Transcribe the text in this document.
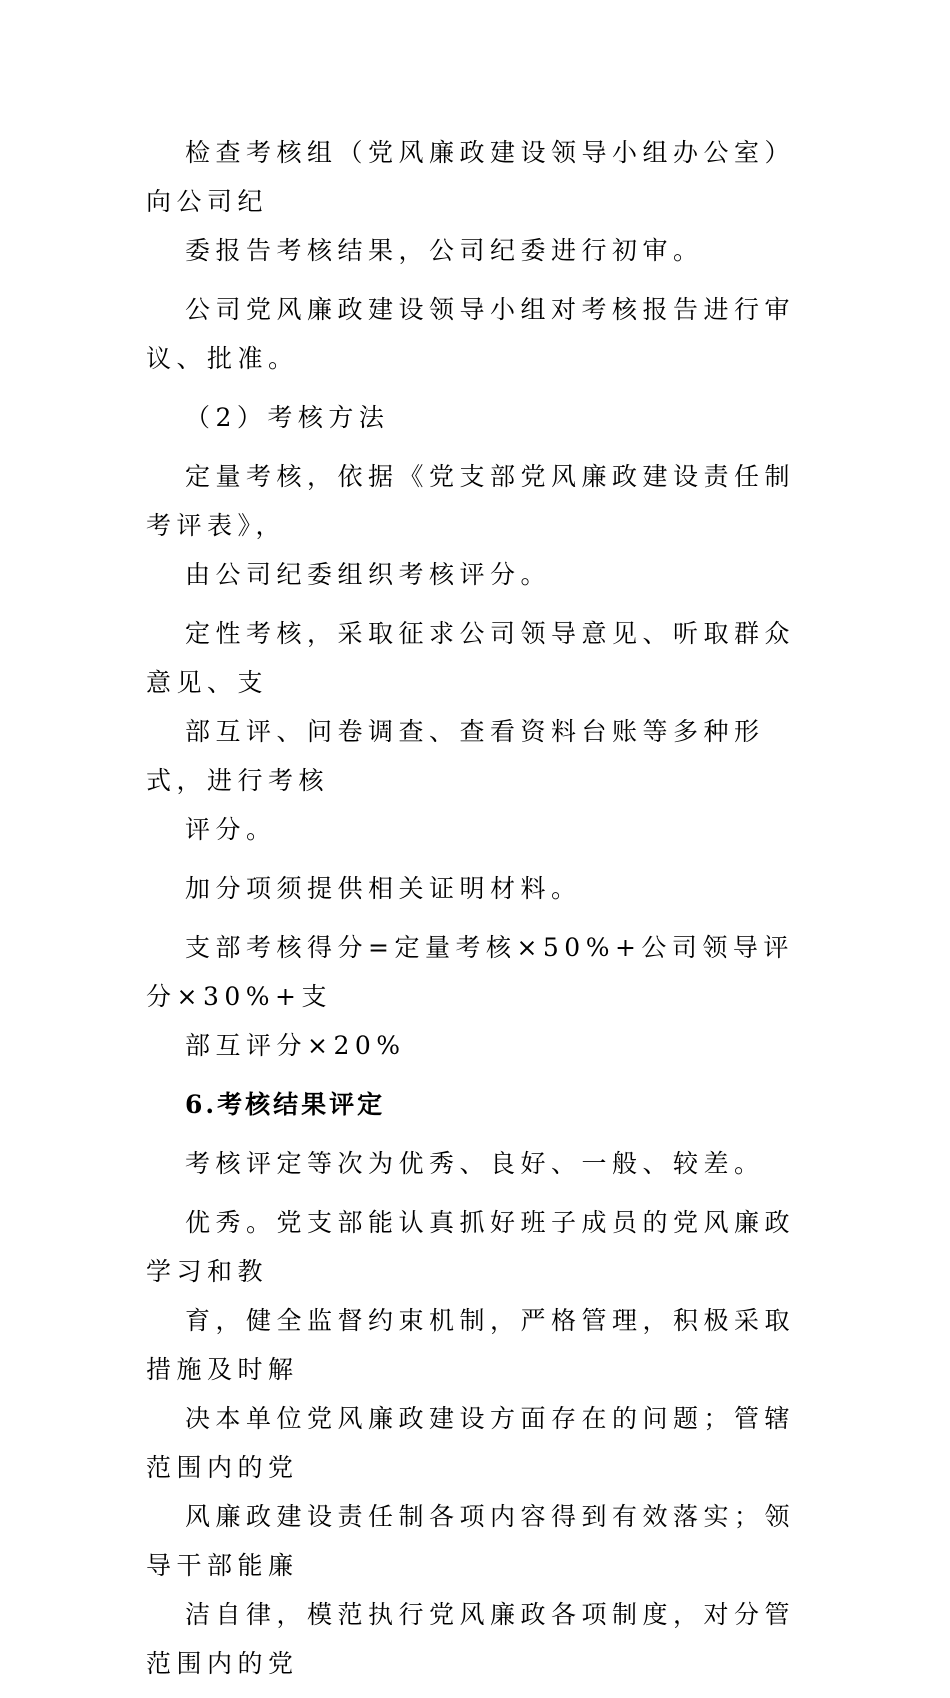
检查考核组（党风廉政建设领导小组办公室）向公司纪
委报告考核结果，公司纪委进行初审。

公司党风廉政建设领导小组对考核报告进行审议、批准。

（2）考核方法

定量考核，依据《党支部党风廉政建设责任制考评表》，
由公司纪委组织考核评分。

定性考核，采取征求公司领导意见、听取群众意见、支
部互评、问卷调查、查看资料台账等多种形式，进行考核
评分。

加分项须提供相关证明材料。

支部考核得分=定量考核×50%+公司领导评分×30%+支
部互评分×20%

6.考核结果评定

考核评定等次为优秀、良好、一般、较差。

优秀。党支部能认真抓好班子成员的党风廉政学习和教
育，健全监督约束机制，严格管理，积极采取措施及时解
决本单位党风廉政建设方面存在的问题；管辖范围内的党
风廉政建设责任制各项内容得到有效落实；领导干部能廉
洁自律，模范执行党风廉政各项制度，对分管范围内的党
